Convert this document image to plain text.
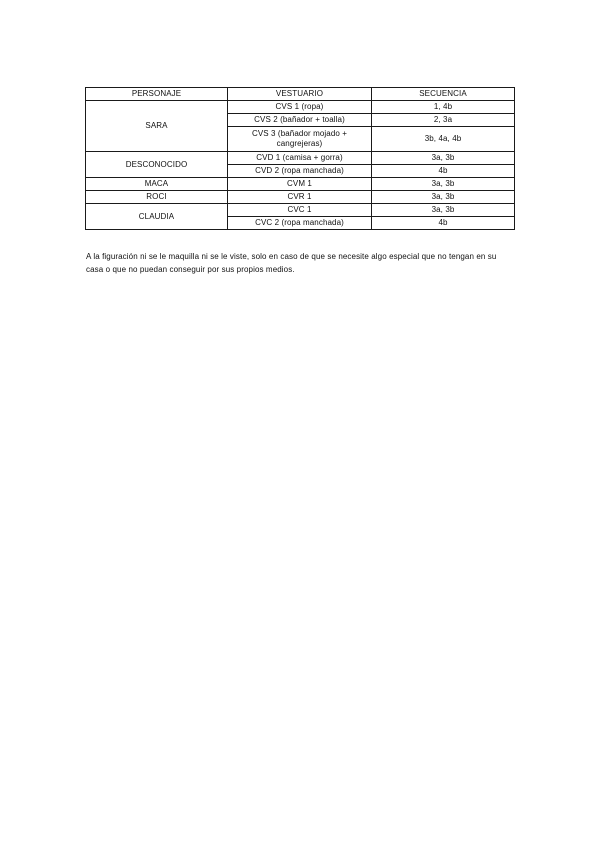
PERSONAJE	VESTUARIO	SECUENCIA
SARA	CVS 1 (ropa)	1, 4b
	CVS 2 (bañador + toalla)	2, 3a
	CVS 3 (bañador mojado + cangrejeras)	3b, 4a, 4b
DESCONOCIDO	CVD 1 (camisa + gorra)	3a, 3b
	CVD 2 (ropa manchada)	4b
MACA	CVM 1	3a, 3b
ROCI	CVR 1	3a, 3b
CLAUDIA	CVC 1	3a, 3b
	CVC 2 (ropa manchada)	4b

A la figuración ni se le maquilla ni se le viste, solo en caso de que se necesite algo especial que no tengan en su casa o que no puedan conseguir por sus propios medios.
